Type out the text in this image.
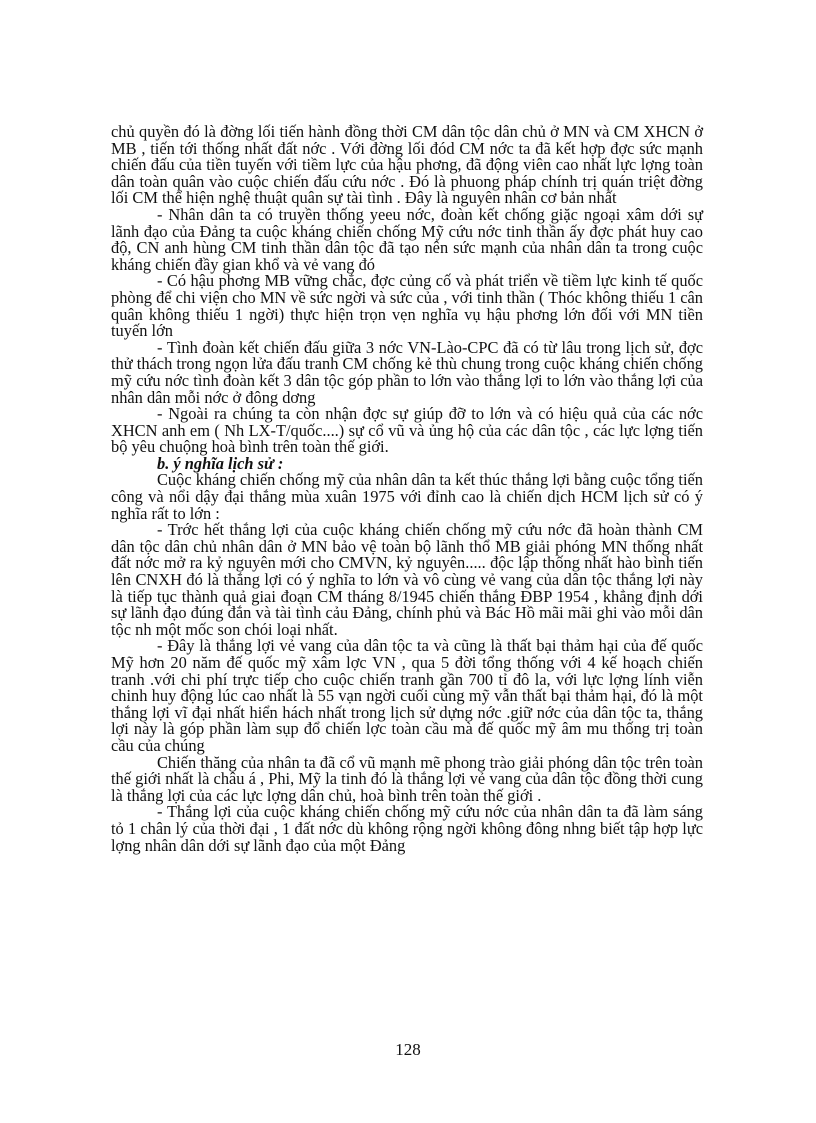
chủ quyền đó là đờng lối tiến hành đồng thời CM dân tộc dân chủ ở MN và CM XHCN ở MB , tiến tới thống nhất đất nớc . Với đờng lối đód CM nớc ta đã kết hợp đợc sức mạnh chiến đấu của tiền tuyến với tiềm lực của hậu phơng, đã động viên cao nhất lực lợng toàn dân toàn quân vào cuộc chiến đấu cứu nớc . Đó là phuong pháp chính trị quán triệt đờng lối CM thể hiện nghệ thuật quân sự tài tình . Đây là nguyên nhân cơ bản nhất

- Nhân dân ta có truyền thống yeeu nớc, đoàn kết chống giặc ngoại xâm dới sự lãnh đạo của Đảng ta cuộc kháng chiến chống Mỹ cứu nớc tinh thần ấy đợc phát huy cao độ, CN anh hùng CM tinh thần dân tộc đã tạo nên sức mạnh của nhân dân ta trong cuộc kháng chiến đầy gian khổ và vẻ vang đó

- Có hậu phơng MB vững chắc, đợc củng cố và phát triển về tiềm lực kinh tế quốc phòng để chi viện cho MN về sức ngời và sức của , với tinh thần ( Thóc không thiếu 1 cân quân không thiếu 1 ngời) thực hiện trọn vẹn nghĩa vụ hậu phơng lớn đối với MN tiền tuyến lớn

- Tình đoàn kết chiến đấu giữa 3 nớc VN-Lào-CPC đã có từ lâu trong lịch sử, đợc thử thách trong ngọn lửa đấu tranh CM chống kẻ thù chung trong cuộc kháng chiến chống mỹ cứu nớc tình đoàn kết 3 dân tộc góp phần to lớn vào thắng lợi to lớn vào thắng lợi của nhân dân mỗi nớc ở đông dơng

- Ngoài ra chúng ta còn nhận đợc sự giúp đỡ to lớn và có hiệu quả của các nớc XHCN anh em ( Nh LX-T/quốc....) sự cổ vũ và ủng hộ của các dân tộc , các lực lợng tiến bộ yêu chuộng hoà bình trên toàn thế giới.

b. ý nghĩa lịch sử :

Cuộc kháng chiến chống mỹ của nhân dân ta kết thúc thắng lợi bằng cuộc tổng tiến công và nổi dậy đại thắng mùa xuân 1975 với đỉnh cao là chiến dịch HCM lịch sử có ý nghĩa rất to lớn :

- Trớc hết thắng lợi của cuộc kháng chiến chống mỹ cứu nớc đã hoàn thành CM dân tộc dân chủ nhân dân ở MN bảo vệ toàn bộ lãnh thổ MB giải phóng MN thống nhất đất nớc mở ra kỷ nguyên mới cho CMVN, kỷ nguyên..... độc lập thống nhất hào bình tiến lên CNXH đó là thắng lợi có ý nghĩa to lớn và vô cùng vẻ vang của dân tộc thắng lợi này là tiếp tục thành quả giai đoạn CM tháng 8/1945 chiến thắng ĐBP 1954 , khẳng định dới sự lãnh đạo đúng đắn và tài tình cảu Đảng, chính phủ và Bác Hồ mãi mãi ghi vào mỗi dân tộc nh một mốc son chói loại nhất.

- Đây là thắng lợi vẻ vang của dân tộc ta và cũng là thất bại thảm hại của đế quốc Mỹ hơn 20 năm đế quốc mỹ xâm lợc VN , qua 5 đời tổng thống với 4 kế hoạch chiến tranh .với chi phí trực tiếp cho cuộc chiến tranh gần 700 tỉ đô la, với lực lợng lính viễn chinh huy động lúc cao nhất là 55 vạn ngời cuối cùng mỹ vẫn thất bại thảm hại, đó là một thắng lợi vĩ đại nhất hiển hách nhất trong lịch sử dựng nớc .giữ nớc của dân tộc ta, thắng lợi này là góp phần làm sụp đổ chiến lợc toàn cầu mà đế quốc mỹ âm mu thống trị toàn cầu của chúng

Chiến thăng của nhân ta đã cổ vũ mạnh mẽ phong trào giải phóng dân tộc trên toàn thế giới nhất là châu á , Phi, Mỹ la tinh đó là thắng lợi vẻ vang của dân tộc đồng thời cung là thắng lợi của các lực lợng dân chủ, hoà bình trên toàn thế giới .

- Thắng lợi của cuộc kháng chiến chống mỹ cứu nớc của nhân dân ta đã làm sáng tỏ 1 chân lý của thời đại , 1 đất nớc dù không rộng ngời không đông nhng biết tập hợp lực lợng nhân dân dới sự lãnh đạo của một Đảng

128
